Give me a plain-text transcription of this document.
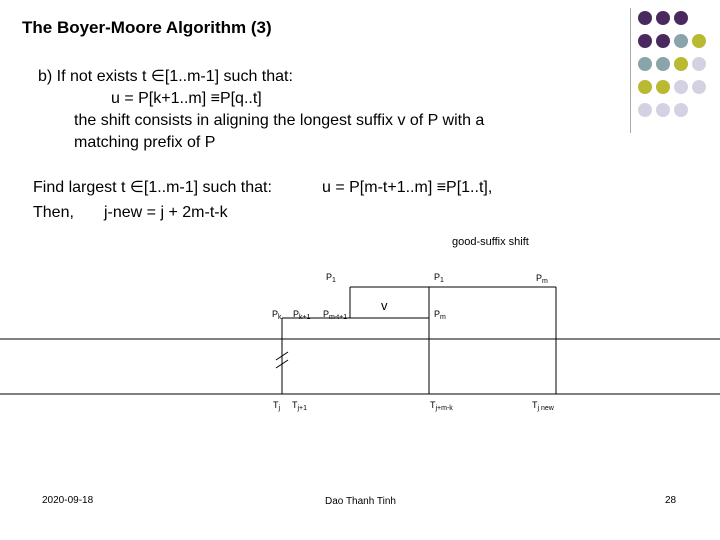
The Boyer-Moore Algorithm (3)
b) If not exists t ∈[1..m-1] such that:
u = P[k+1..m] ≡P[q..t]
the shift consists in aligning the longest suffix v of P with a
matching prefix of P
Find largest t ∈[1..m-1] such that:	u = P[m-t+1..m] ≡P[1..t],
Then, j-new = j + 2m-t-k
good-suffix shift
$P_1$	$P_1$	$P_m$
$P_k$ $P_{k+1}$ $P_{m-t+1}$
v
$P_m$
$T_j$ $T_{j+1}$	$T_{j+m-k}$	$T_{j new}$
2020-09-18	Dao Thanh Tinh	28
